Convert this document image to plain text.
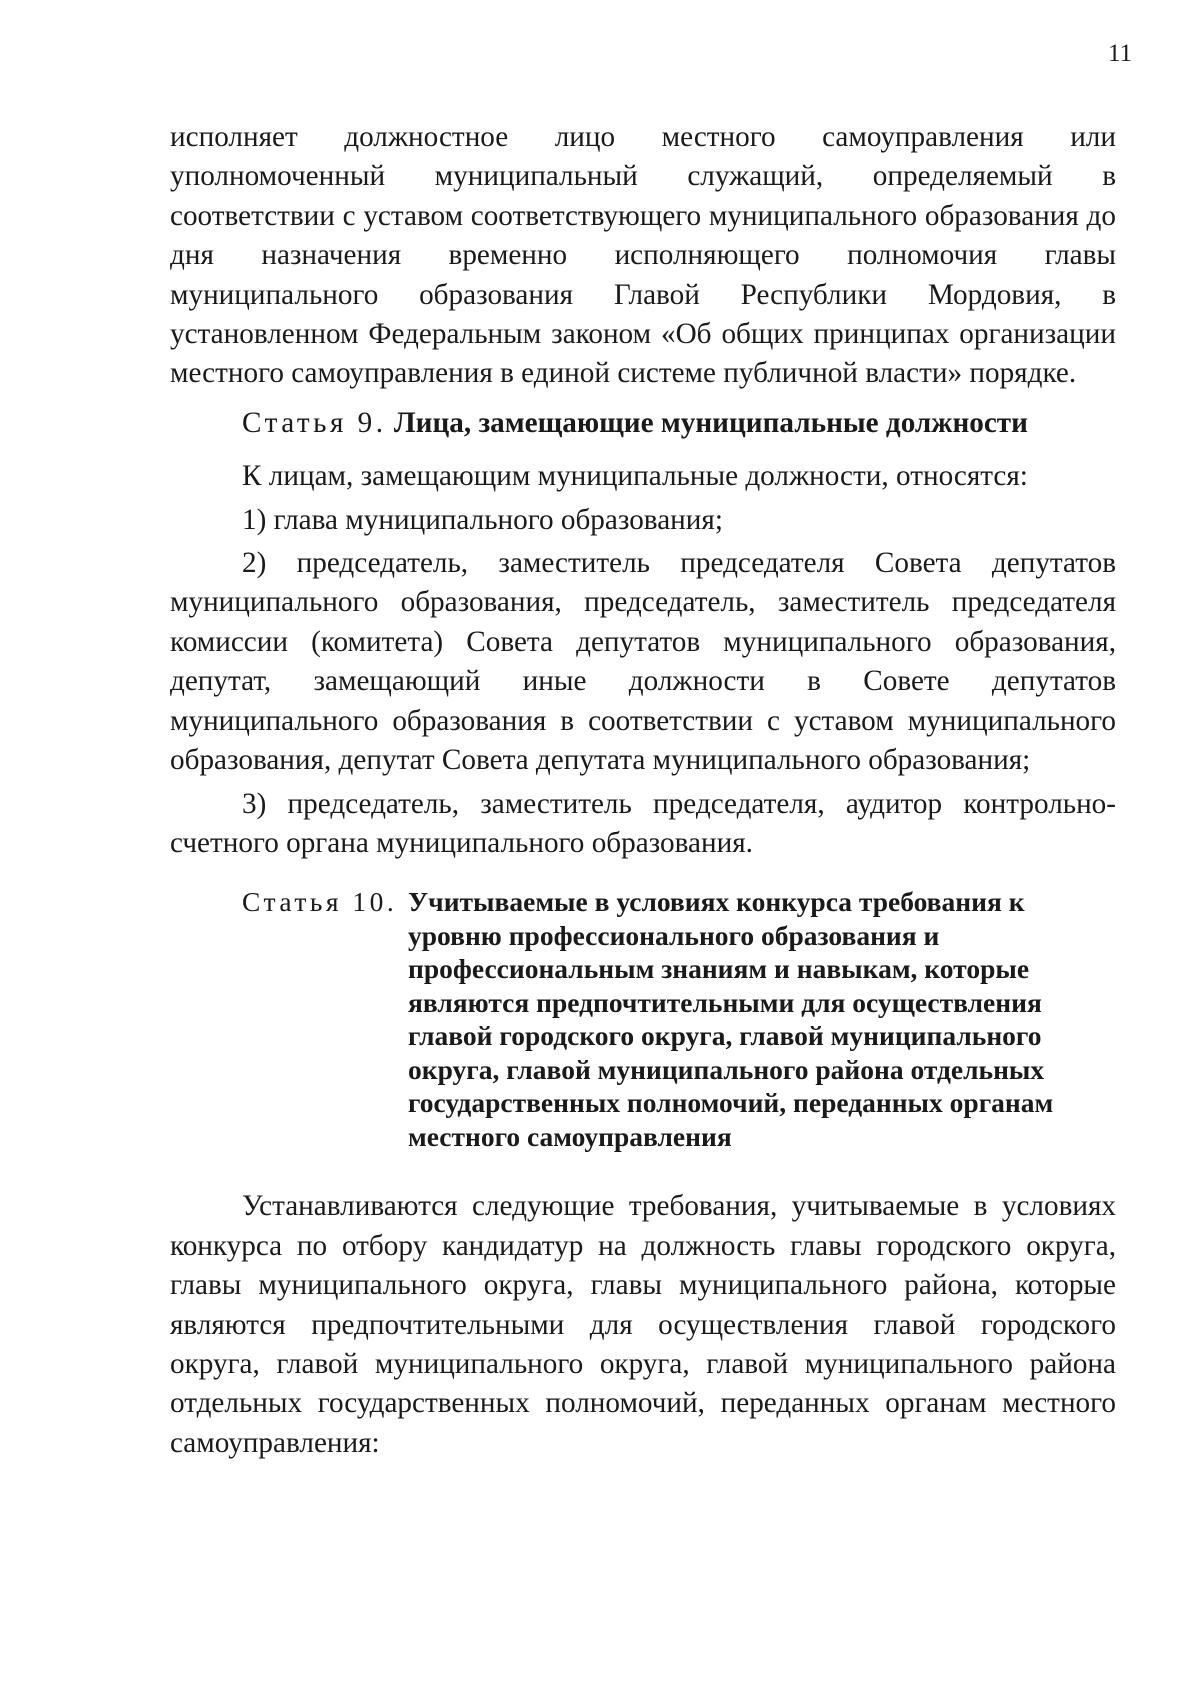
11

исполняет должностное лицо местного самоуправления или уполномоченный муниципальный служащий, определяемый в соответствии с уставом соответствующего муниципального образования до дня назначения временно исполняющего полномочия главы муниципального образования Главой Республики Мордовия, в установленном Федеральным законом «Об общих принципах организации местного самоуправления в единой системе публичной власти» порядке.

Статья 9. Лица, замещающие муниципальные должности

К лицам, замещающим муниципальные должности, относятся:

1) глава муниципального образования;

2) председатель, заместитель председателя Совета депутатов муниципального образования, председатель, заместитель председателя комиссии (комитета) Совета депутатов муниципального образования, депутат, замещающий иные должности в Совете депутатов муниципального образования в соответствии с уставом муниципального образования, депутат Совета депутата муниципального образования;

3) председатель, заместитель председателя, аудитор контрольно-счетного органа муниципального образования.

Статья 10. Учитываемые в условиях конкурса требования к уровню профессионального образования и профессиональным знаниям и навыкам, которые являются предпочтительными для осуществления главой городского округа, главой муниципального округа, главой муниципального района отдельных государственных полномочий, переданных органам местного самоуправления

Устанавливаются следующие требования, учитываемые в условиях конкурса по отбору кандидатур на должность главы городского округа, главы муниципального округа, главы муниципального района, которые являются предпочтительными для осуществления главой городского округа, главой муниципального округа, главой муниципального района отдельных государственных полномочий, переданных органам местного самоуправления:
